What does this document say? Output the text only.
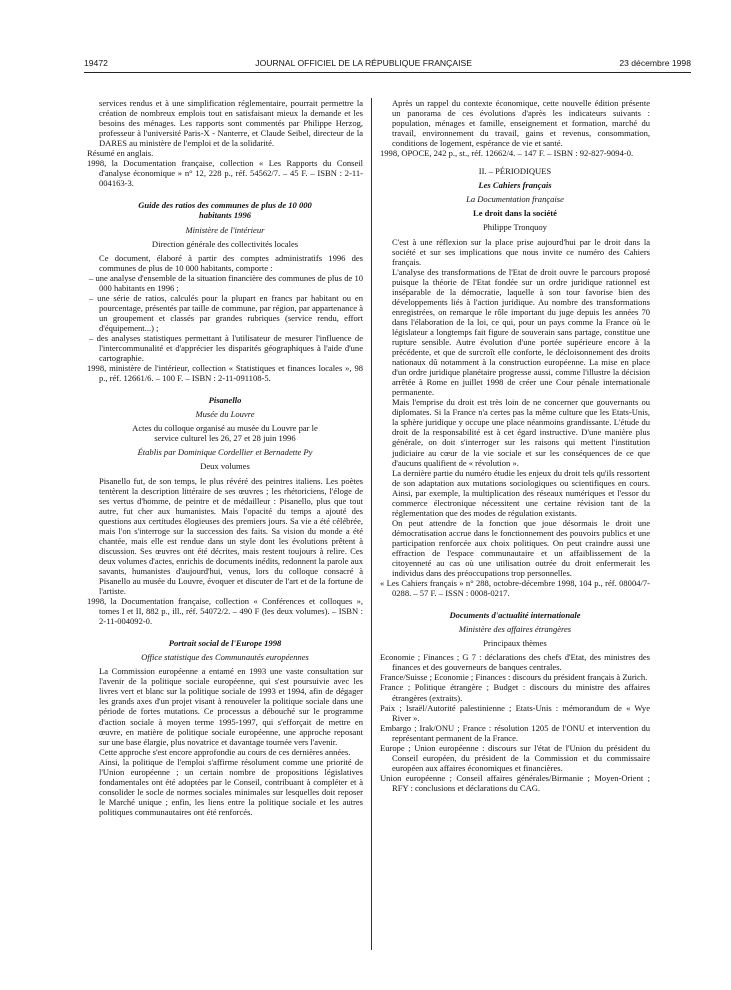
19472	JOURNAL OFFICIEL DE LA RÉPUBLIQUE FRANÇAISE	23 décembre 1998

services rendus et à une simplification réglementaire, pourrait permettre la création de nombreux emplois tout en satisfaisant mieux la demande et les besoins des ménages. Les rapports sont commentés par Philippe Herzog, professeur à l'université Paris-X - Nanterre, et Claude Seibel, directeur de la DARES au ministère de l'emploi et de la solidarité.

Résumé en anglais.

1998, la Documentation française, collection « Les Rapports du Conseil d'analyse économique » n° 12, 228 p., réf. 54562/7. – 45 F. – ISBN : 2-11-004163-3.

Guide des ratios des communes de plus de 10 000 habitants 1996

Ministère de l'intérieur

Direction générale des collectivités locales

Ce document, élaboré à partir des comptes administratifs 1996 des communes de plus de 10 000 habitants, comporte :

– une analyse d'ensemble de la situation financière des communes de plus de 10 000 habitants en 1996 ;

– une série de ratios, calculés pour la plupart en francs par habitant ou en pourcentage, présentés par taille de commune, par région, par appartenance à un groupement et classés par grandes rubriques (service rendu, effort d'équipement...) ;

– des analyses statistiques permettant à l'utilisateur de mesurer l'influence de l'intercommunalité et d'apprécier les disparités géographiques à l'aide d'une cartographie.

1998, ministère de l'intérieur, collection « Statistiques et finances locales », 98 p., réf. 12661/6. – 100 F. – ISBN : 2-11-091108-5.

Pisanello

Musée du Louvre

Actes du colloque organisé au musée du Louvre par le service culturel les 26, 27 et 28 juin 1996

Établis par Dominique Cordellier et Bernadette Py

Deux volumes

Pisanello fut, de son temps, le plus révéré des peintres italiens. Les poètes tentèrent la description littéraire de ses œuvres ; les rhétoriciens, l'éloge de ses vertus d'homme, de peintre et de médailleur : Pisanello, plus que tout autre, fut cher aux humanistes. Mais l'opacité du temps a ajouté des questions aux certitudes élogieuses des premiers jours. Sa vie a été célébrée, mais l'on s'interroge sur la succession des faits. Sa vision du monde a été chantée, mais elle est rendue dans un style dont les évolutions prêtent à discussion. Ses œuvres ont été décrites, mais restent toujours à relire. Ces deux volumes d'actes, enrichis de documents inédits, redonnent la parole aux savants, humanistes d'aujourd'hui, venus, lors du colloque consacré à Pisanello au musée du Louvre, évoquer et discuter de l'art et de la fortune de l'artiste.

1998, la Documentation française, collection « Conférences et colloques », tomes I et II, 882 p., ill., réf. 54072/2. – 490 F (les deux volumes). – ISBN : 2-11-004092-0.

Portrait social de l'Europe 1998

Office statistique des Communautés européennes

La Commission européenne a entamé en 1993 une vaste consultation sur l'avenir de la politique sociale européenne, qui s'est poursuivie avec les livres vert et blanc sur la politique sociale de 1993 et 1994, afin de dégager les grands axes d'un projet visant à renouveler la politique sociale dans une période de fortes mutations. Ce processus a débouché sur le programme d'action sociale à moyen terme 1995-1997, qui s'efforçait de mettre en œuvre, en matière de politique sociale européenne, une approche reposant sur une base élargie, plus novatrice et davantage tournée vers l'avenir.

Cette approche s'est encore approfondie au cours de ces dernières années.

Ainsi, la politique de l'emploi s'affirme résolument comme une priorité de l'Union européenne ; un certain nombre de propositions législatives fondamentales ont été adoptées par le Conseil, contribuant à compléter et à consolider le socle de normes sociales minimales sur lesquelles doit reposer le Marché unique ; enfin, les liens entre la politique sociale et les autres politiques communautaires ont été renforcés.

Après un rappel du contexte économique, cette nouvelle édition présente un panorama de ces évolutions d'après les indicateurs suivants : population, ménages et famille, enseignement et formation, marché du travail, environnement du travail, gains et revenus, consommation, conditions de logement, espérance de vie et santé.

1998, OPOCE, 242 p., st., réf. 12662/4. – 147 F. – ISBN : 92-827-9094-0.

II. – PÉRIODIQUES

Les Cahiers français

La Documentation française

Le droit dans la société

Philippe Tronquoy

C'est à une réflexion sur la place prise aujourd'hui par le droit dans la société et sur ses implications que nous invite ce numéro des Cahiers français.

L'analyse des transformations de l'Etat de droit ouvre le parcours proposé puisque la théorie de l'Etat fondée sur un ordre juridique rationnel est inséparable de la démocratie, laquelle à son tour favorise bien des développements liés à l'action juridique. Au nombre des transformations enregistrées, on remarque le rôle important du juge depuis les années 70 dans l'élaboration de la loi, ce qui, pour un pays comme la France où le législateur a longtemps fait figure de souverain sans partage, constitue une rupture sensible. Autre évolution d'une portée supérieure encore à la précédente, et que de surcroît elle conforte, le décloisonnement des droits nationaux dû notamment à la construction européenne. La mise en place d'un ordre juridique planétaire progresse aussi, comme l'illustre la décision arrêtée à Rome en juillet 1998 de créer une Cour pénale internationale permanente.

Mais l'emprise du droit est très loin de ne concerner que gouvernants ou diplomates. Si la France n'a certes pas la même culture que les Etats-Unis, la sphère juridique y occupe une place néanmoins grandissante. L'étude du droit de la responsabilité est à cet égard instructive. D'une manière plus générale, on doit s'interroger sur les raisons qui mettent l'institution judiciaire au cœur de la vie sociale et sur les conséquences de ce que d'aucuns qualifient de « révolution ».

La dernière partie du numéro étudie les enjeux du droit tels qu'ils ressortent de son adaptation aux mutations sociologiques ou scientifiques en cours. Ainsi, par exemple, la multiplication des réseaux numériques et l'essor du commerce électronique nécessitent une certaine révision tant de la réglementation que des modes de régulation existants.

On peut attendre de la fonction que joue désormais le droit une démocratisation accrue dans le fonctionnement des pouvoirs publics et une participation renforcée aux choix politiques. On peut craindre aussi une effraction de l'espace communautaire et un affaiblissement de la citoyenneté au cas où une utilisation outrée du droit enfermerait les individus dans des préoccupations trop personnelles.

« Les Cahiers français » n° 288, octobre-décembre 1998, 104 p., réf. 08004/7-0288. – 57 F. – ISSN : 0008-0217.

Documents d'actualité internationale

Ministère des affaires étrangères

Principaux thèmes

Economie ; Finances ; G 7 : déclarations des chefs d'Etat, des ministres des finances et des gouverneurs de banques centrales.

France/Suisse ; Economie ; Finances : discours du président français à Zurich.

France ; Politique étrangère ; Budget : discours du ministre des affaires étrangères (extraits).

Paix ; Israël/Autorité palestinienne ; Etats-Unis : mémorandum de « Wye River ».

Embargo ; Irak/ONU ; France : résolution 1205 de l'ONU et intervention du représentant permanent de la France.

Europe ; Union européenne : discours sur l'état de l'Union du président du Conseil européen, du président de la Commission et du commissaire européen aux affaires économiques et financières.

Union européenne ; Conseil affaires générales/Birmanie ; Moyen-Orient ; RFY : conclusions et déclarations du CAG.
